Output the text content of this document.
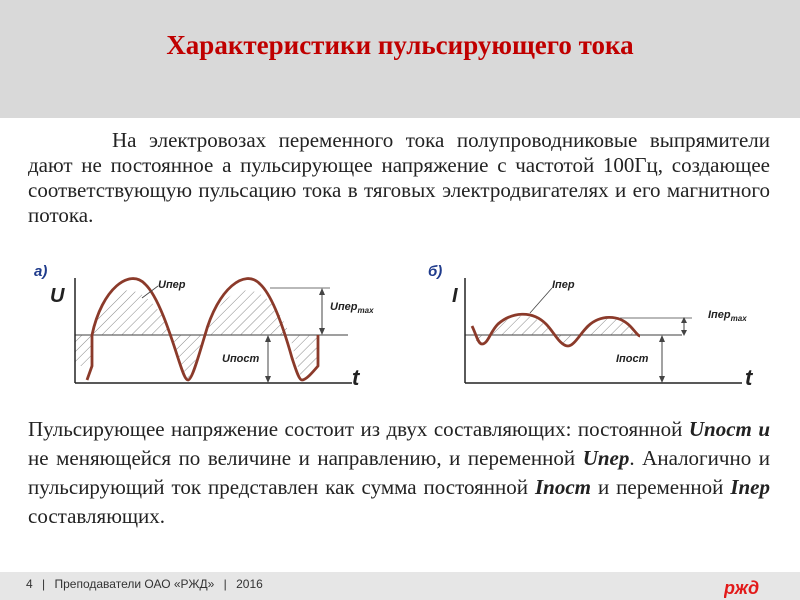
Характеристики пульсирующего тока

На электровозах переменного тока полупроводниковые выпрямители дают не постоянное а пульсирующее напряжение с частотой 100Гц, создающее соответствующую пульсацию тока в тяговых электродвигателях и его магнитного потока.

а)
U
t
Uпер
Uпер$_{max}$
Uпост
б)
I
t
Iпер
Iпер$_{max}$
Iпост

Пульсирующее напряжение состоит из двух составляющих: постоянной Uпост и не меняющейся по величине и направлению, и переменной Uпер. Аналогично и пульсирующий ток представлен как сумма постоянной Iпост и переменной Iпер составляющих.

4 | Преподаватели ОАО «РЖД» | 2016	ржд
